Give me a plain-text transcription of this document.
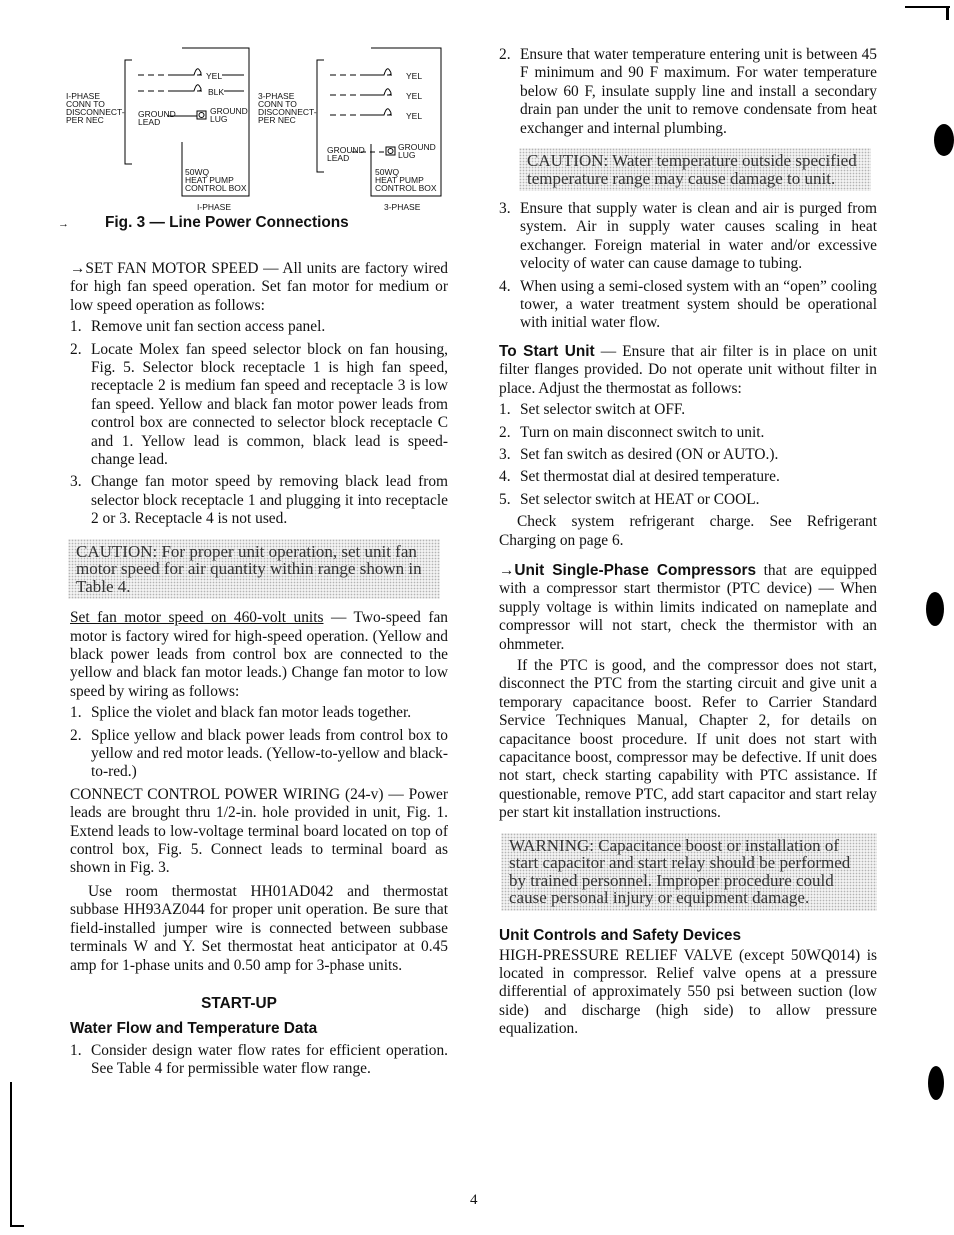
I-PHASE
CONN TO
DISCONNECT-
PER NEC
YEL
BLK
GROUND
LEAD
GROUND
LUG
50WQ
HEAT PUMP
CONTROL BOX
I-PHASE
3-PHASE
CONN TO
DISCONNECT-
PER NEC
YEL
YEL
YEL
GROUND
LEAD
GROUND
LUG
50WQ
HEAT PUMP
CONTROL BOX
3-PHASE
→ Fig. 3 — Line Power Connections

→SET FAN MOTOR SPEED — All units are factory wired for high fan speed operation. Set fan motor for medium or low speed operation as follows:

1. Remove unit fan section access panel.
2. Locate Molex fan speed selector block on fan housing, Fig. 5. Selector block receptacle 1 is high fan speed, receptacle 2 is medium fan speed and receptacle 3 is low fan speed. Yellow and black fan motor power leads from control box are connected to selector block receptacle C and 1. Yellow lead is common, black lead is speed-change lead.
3. Change fan motor speed by removing black lead from selector block receptacle 1 and plugging it into receptacle 2 or 3. Receptacle 4 is not used.
CAUTION: For proper unit operation, set unit fan motor speed for air quantity within range shown in Table 4.

Set fan motor speed on 460-volt units — Two-speed fan motor is factory wired for high-speed operation. (Yellow and black power leads from control box are connected to the yellow and black fan motor leads.) Change fan motor to low speed by wiring as follows:

1. Splice the violet and black fan motor leads together.
2. Splice yellow and black power leads from control box to yellow and red motor leads. (Yellow-to-yellow and black-to-red.)

CONNECT CONTROL POWER WIRING (24-v) — Power leads are brought thru 1/2-in. hole provided in unit, Fig. 1. Extend leads to low-voltage terminal board located on top of control box, Fig. 5. Connect leads to terminal board as shown in Fig. 3.

Use room thermostat HH01AD042 and thermostat subbase HH93AZ044 for proper unit operation. Be sure that field-installed jumper wire is connected between subbase terminals W and Y. Set thermostat heat anticipator at 0.45 amp for 1-phase units and 0.50 amp for 3-phase units.

START-UP
Water Flow and Temperature Data
1. Consider design water flow rates for efficient operation. See Table 4 for permissible water flow range.
2. Ensure that water temperature entering unit is between 45 F minimum and 90 F maximum. For water temperature below 60 F, insulate supply line and install a secondary drain pan under the unit to remove condensate from heat exchanger and internal plumbing.
CAUTION: Water temperature outside specified temperature range may cause damage to unit.
3. Ensure that supply water is clean and air is purged from system. Air in supply water causes scaling in heat exchanger. Foreign material in water and/or excessive velocity of water can cause damage to tubing.
4. When using a semi-closed system with an “open” cooling tower, a water treatment system should be operational with initial water flow.

To Start Unit — Ensure that air filter is in place on unit filter flanges provided. Do not operate unit without filter in place. Adjust the thermostat as follows:

1. Set selector switch at OFF.
2. Turn on main disconnect switch to unit.
3. Set fan switch as desired (ON or AUTO.).
4. Set thermostat dial at desired temperature.
5. Set selector switch at HEAT or COOL.

Check system refrigerant charge. See Refrigerant Charging on page 6.

→Unit Single-Phase Compressors that are equipped with a compressor start thermistor (PTC device) — When supply voltage is within limits indicated on nameplate and compressor will not start, check the thermistor with an ohmmeter.

If the PTC is good, and the compressor does not start, disconnect the PTC from the starting circuit and give unit a temporary capacitance boost. Refer to Carrier Standard Service Techniques Manual, Chapter 2, for details on capacitance boost procedure. If unit does not start with capacitance boost, compressor may be defective. If unit does not start, check starting capability with PTC assistance. If questionable, remove PTC, add start capacitor and start relay per start kit installation instructions.

WARNING: Capacitance boost or installation of start capacitor and start relay should be performed by trained personnel. Improper procedure could cause personal injury or equipment damage.
Unit Controls and Safety Devices

HIGH-PRESSURE RELIEF VALVE (except 50WQ014) is located in compressor. Relief valve opens at a pressure differential of approximately 550 psi between suction (low side) and discharge (high side) to allow pressure equalization.

4
